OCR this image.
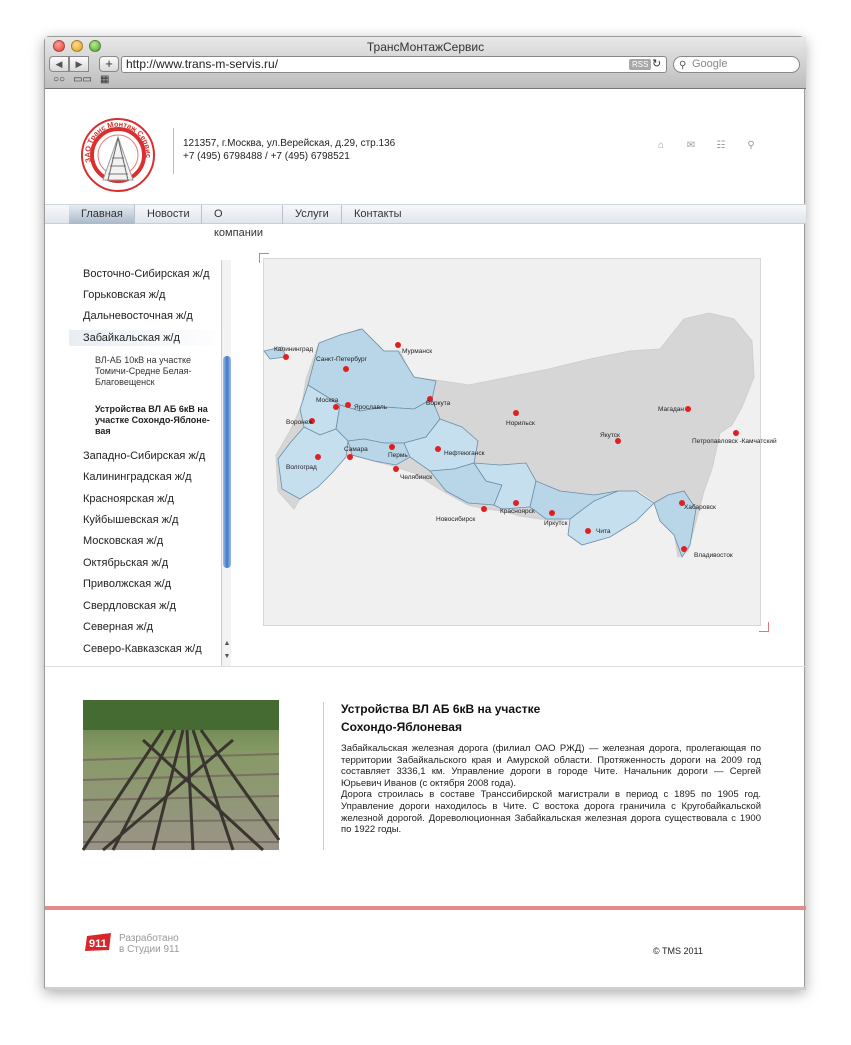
ТрансМонтажСервис
◀	▶	+	http://www.trans-m-servis.ru/	RSS ↻ ⚲ Google
○○ ▭▭ ▦
ЗАО Транс Монтаж Сервис
121357, г.Москва, ул.Верейская, д.29, стр.136
+7 (495) 6798488 / +7 (495) 6798521
⌂ ✉ ☷ ⚲
Главная	Новости	О компании
Услуги	Контакты
Восточно-Сибирская ж/д
Горьковская ж/д
Дальневосточная ж/д
Забайкальская ж/д
ВЛ-АБ 10кВ на участке Томичи-Средне Белая-Благовещенск
Устройства ВЛ АБ 6кВ на участке Сохондо-Яблоне-вая
Западно-Сибирская ж/д
Калининградская ж/д
Красноярская ж/д
Куйбышевская ж/д
Московская ж/д
Октябрьская ж/д
Приволжская ж/д
Свердловская ж/д
Северная ж/д
Северо-Кавказская ж/д	▲
▼
Калининград
Санкт-Петербург
Мурманск
Москва
Ярославль
Воркута
Воронеж	Норильск
Магадан
Якутск
Петропавловск -Камчатский
Самара
Пермь	Нефтеюганск
Волгоград
Челябинск
Новосибирск
Красноярск
Иркутск
Чита
Хабаровск
Владивосток
Устройства ВЛ АБ 6кВ на участке
Сохондо-Яблоневая
Забайкальская железная дорога (филиал ОАО РЖД) — железная дорога, пролегающая по территории Забайкальского края и Амурской области. Протяженность дороги на 2009 год составляет 3336,1 км. Управление дороги в городе Чите. Начальник дороги — Сергей Юрьевич Иванов (с октября 2008 года).
Дорога строилась в составе Транссибирской магистрали в период с 1895 по 1905 год. Управление дороги находилось в Чите. С востока дорога граничила с Кругобайкальской железной дорогой. Дореволюционная Забайкальская железная дорога существовала с 1900 по 1922 годы.
911 Разработано
в Студии 911	© TMS 2011
